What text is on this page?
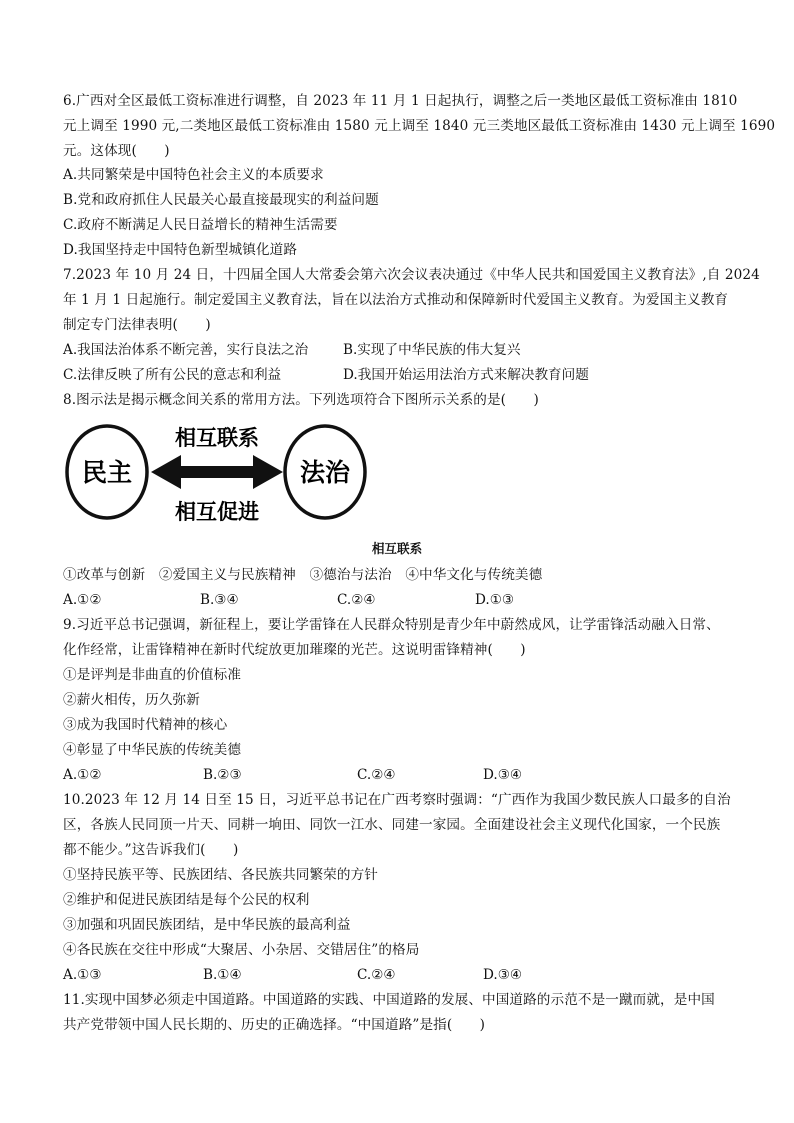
6.广西对全区最低工资标准进行调整，自 2023 年 11 月 1 日起执行，调整之后一类地区最低工资标准由 1810
元上调至 1990 元,二类地区最低工资标准由 1580 元上调至 1840 元三类地区最低工资标准由 1430 元上调至 1690
元。这体现(　　)
A.共同繁荣是中国特色社会主义的本质要求
B.党和政府抓住人民最关心最直接最现实的利益问题
C.政府不断满足人民日益增长的精神生活需要
D.我国坚持走中国特色新型城镇化道路
7.2023 年 10 月 24 日，十四届全国人大常委会第六次会议表决通过《中华人民共和国爱国主义教育法》,自 2024
年 1 月 1 日起施行。制定爱国主义教育法，旨在以法治方式推动和保障新时代爱国主义教育。为爱国主义教育
制定专门法律表明(　　)
A.我国法治体系不断完善，实行良法之治	B.实现了中华民族的伟大复兴
C.法律反映了所有公民的意志和利益	D.我国开始运用法治方式来解决教育问题
8.图示法是揭示概念间关系的常用方法。下列选项符合下图所示关系的是(　　)
民主	法治
相互联系
相互促进
相互联系
①改革与创新　②爱国主义与民族精神　③德治与法治　④中华文化与传统美德
A.①②	B.③④	C.②④	D.①③
9.习近平总书记强调，新征程上，要让学雷锋在人民群众特别是青少年中蔚然成风，让学雷锋活动融入日常、
化作经常，让雷锋精神在新时代绽放更加璀璨的光芒。这说明雷锋精神(　　)
①是评判是非曲直的价值标准
②薪火相传，历久弥新
③成为我国时代精神的核心
④彰显了中华民族的传统美德
A.①②	B.②③	C.②④	D.③④
10.2023 年 12 月 14 日至 15 日，习近平总书记在广西考察时强调：“广西作为我国少数民族人口最多的自治
区，各族人民同顶一片天、同耕一垧田、同饮一江水、同建一家园。全面建设社会主义现代化国家，一个民族
都不能少。”这告诉我们(　　)
①坚持民族平等、民族团结、各民族共同繁荣的方针
②维护和促进民族团结是每个公民的权利
③加强和巩固民族团结，是中华民族的最高利益
④各民族在交往中形成“大聚居、小杂居、交错居住”的格局
A.①③	B.①④	C.②④	D.③④
11.实现中国梦必须走中国道路。中国道路的实践、中国道路的发展、中国道路的示范不是一蹴而就，是中国
共产党带领中国人民长期的、历史的正确选择。“中国道路”是指(　　)
